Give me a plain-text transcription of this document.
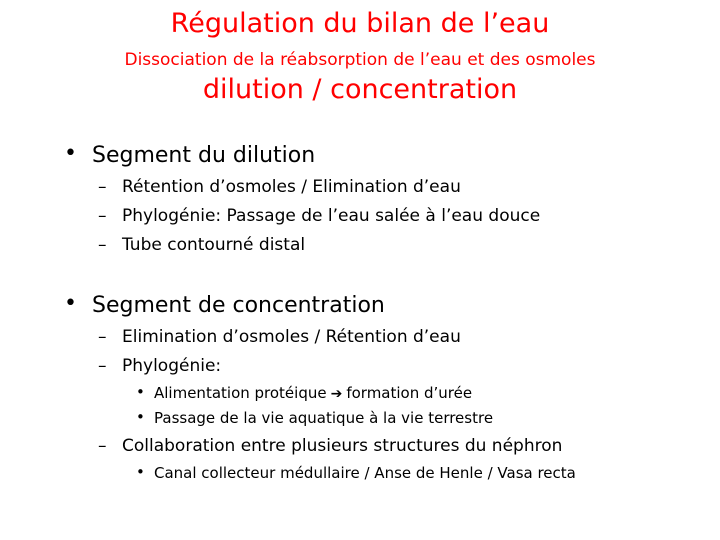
Régulation du bilan de l’eau
Dissociation de la réabsorption de l’eau et des osmoles
dilution / concentration
• Segment du dilution
– Rétention d’osmoles / Elimination d’eau
– Phylogénie: Passage de l’eau salée à l’eau douce
– Tube contourné distal
• Segment de concentration
– Elimination d’osmoles / Rétention d’eau
– Phylogénie:
• Alimentation protéique ➔ formation d’urée
• Passage de la vie aquatique à la vie terrestre
– Collaboration entre plusieurs structures du néphron
• Canal collecteur médullaire / Anse de Henle / Vasa recta
